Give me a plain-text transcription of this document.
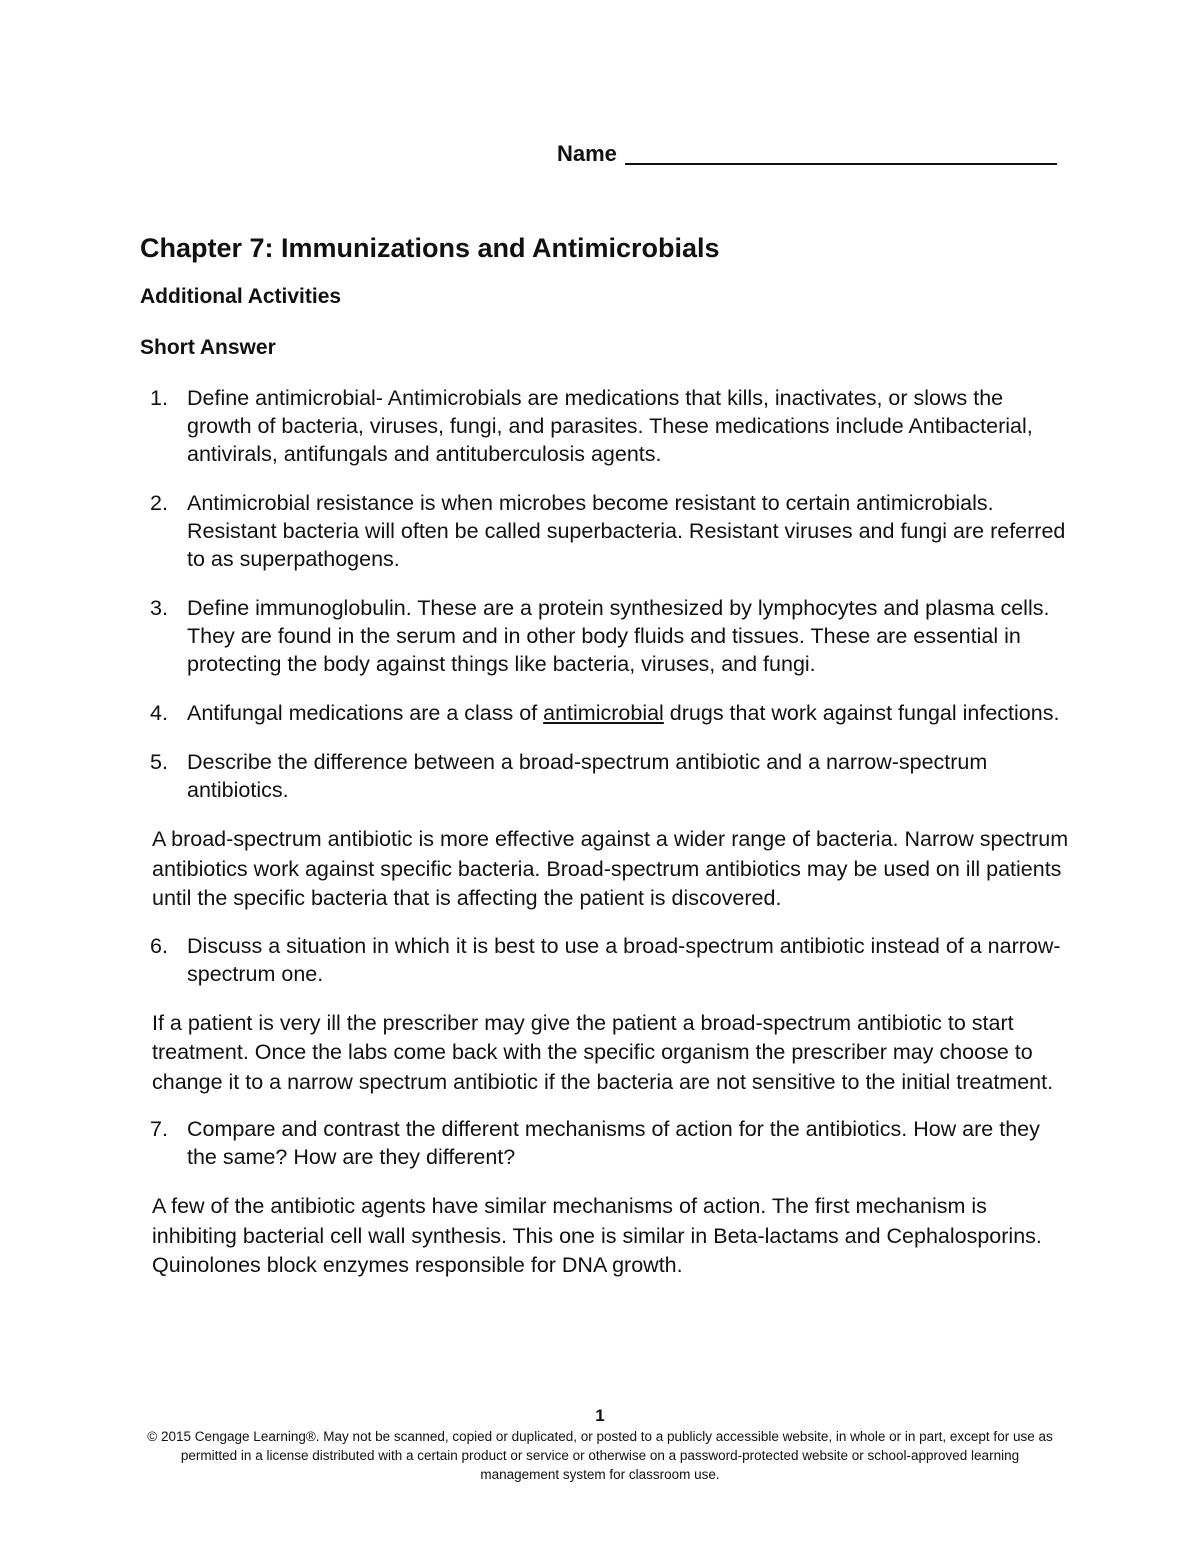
Name
Chapter 7: Immunizations and Antimicrobials
Additional Activities
Short Answer
1. Define antimicrobial- Antimicrobials are medications that kills, inactivates, or slows the growth of bacteria, viruses, fungi, and parasites. These medications include Antibacterial, antivirals, antifungals and antituberculosis agents.
2. Antimicrobial resistance is when microbes become resistant to certain antimicrobials. Resistant bacteria will often be called superbacteria. Resistant viruses and fungi are referred to as superpathogens.
3. Define immunoglobulin. These are a protein synthesized by lymphocytes and plasma cells. They are found in the serum and in other body fluids and tissues. These are essential in protecting the body against things like bacteria, viruses, and fungi.
4. Antifungal medications are a class of antimicrobial drugs that work against fungal infections.
5. Describe the difference between a broad-spectrum antibiotic and a narrow-spectrum antibiotics.
A broad-spectrum antibiotic is more effective against a wider range of bacteria. Narrow spectrum antibiotics work against specific bacteria. Broad-spectrum antibiotics may be used on ill patients until the specific bacteria that is affecting the patient is discovered.
6. Discuss a situation in which it is best to use a broad-spectrum antibiotic instead of a narrow-spectrum one.
If a patient is very ill the prescriber may give the patient a broad-spectrum antibiotic to start treatment. Once the labs come back with the specific organism the prescriber may choose to change it to a narrow spectrum antibiotic if the bacteria are not sensitive to the initial treatment.
7. Compare and contrast the different mechanisms of action for the antibiotics. How are they the same? How are they different?
A few of the antibiotic agents have similar mechanisms of action. The first mechanism is inhibiting bacterial cell wall synthesis. This one is similar in Beta-lactams and Cephalosporins. Quinolones block enzymes responsible for DNA growth.
1
© 2015 Cengage Learning®. May not be scanned, copied or duplicated, or posted to a publicly accessible website, in whole or in part, except for use as permitted in a license distributed with a certain product or service or otherwise on a password-protected website or school-approved learning management system for classroom use.
